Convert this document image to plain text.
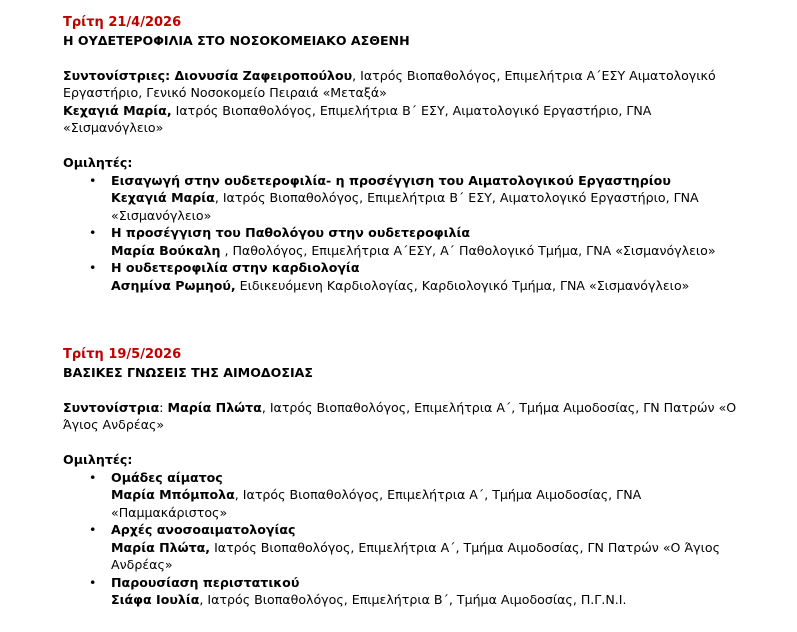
Τρίτη 21/4/2026

Η ΟΥΔΕΤΕΡΟΦΙΛΙΑ ΣΤΟ ΝΟΣΟΚΟΜΕΙΑΚΟ ΑΣΘΕΝΗ

Συντονίστριες: Διονυσία Ζαφειροπούλου, Ιατρός Βιοπαθολόγος, Επιμελήτρια Α΄ΕΣΥ Αιματολογικό Εργαστήριο, Γενικό Νοσοκομείο Πειραιά «Μεταξά»

Κεχαγιά Μαρία, Ιατρός Βιοπαθολόγος, Επιμελήτρια Β΄ ΕΣΥ, Αιματολογικό Εργαστήριο, ΓΝΑ «Σισμανόγλειο»

Ομιλητές:

• Εισαγωγή στην ουδετεροφιλία- η προσέγγιση του Αιματολογικού Εργαστηρίου
Κεχαγιά Μαρία, Ιατρός Βιοπαθολόγος, Επιμελήτρια Β΄ ΕΣΥ, Αιματολογικό Εργαστήριο, ΓΝΑ «Σισμανόγλειο»
• Η προσέγγιση του Παθολόγου στην ουδετεροφιλία
Μαρία Βούκαλη , Παθολόγος, Επιμελήτρια Α΄ΕΣΥ, Α΄ Παθολογικό Τμήμα, ΓΝΑ «Σισμανόγλειο»
• Η ουδετεροφιλία στην καρδιολογία
Ασημίνα Ρωμηού, Ειδικευόμενη Καρδιολογίας, Καρδιολογικό Τμήμα, ΓΝΑ «Σισμανόγλειο»

Τρίτη 19/5/2026

ΒΑΣΙΚΕΣ ΓΝΩΣΕΙΣ ΤΗΣ ΑΙΜΟΔΟΣΙΑΣ

Συντονίστρια: Μαρία Πλώτα, Ιατρός Βιοπαθολόγος, Επιμελήτρια Α΄, Τμήμα Αιμοδοσίας, ΓΝ Πατρών «Ο Άγιος Ανδρέας»

Ομιλητές:

• Ομάδες αίματος
Μαρία Μπόμπολα, Ιατρός Βιοπαθολόγος, Επιμελήτρια Α΄, Τμήμα Αιμοδοσίας, ΓΝΑ «Παμμακάριστος»
• Αρχές ανοσοαιματολογίας
Μαρία Πλώτα, Ιατρός Βιοπαθολόγος, Επιμελήτρια Α΄, Τμήμα Αιμοδοσίας, ΓΝ Πατρών «Ο Άγιος Ανδρέας»
• Παρουσίαση περιστατικού
Σιάφα Ιουλία, Ιατρός Βιοπαθολόγος, Επιμελήτρια Β΄, Τμήμα Αιμοδοσίας, Π.Γ.Ν.Ι.
